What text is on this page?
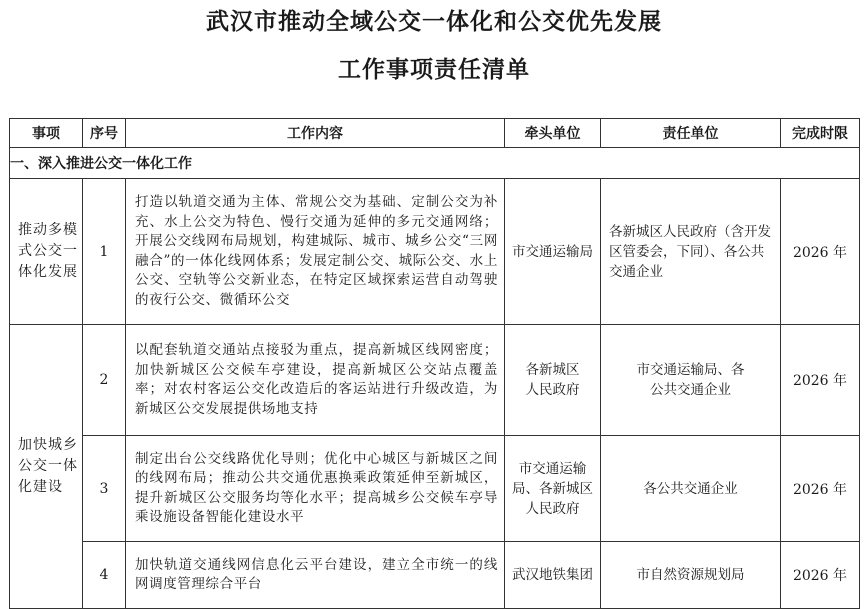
武汉市推动全域公交一体化和公交优先发展
工作事项责任清单
事项	序号	工作内容	牵头单位	责任单位	完成时限
一、深入推进公交一体化工作					
推动多模式公交一体化发展	1	打造以轨道交通为主体、常规公交为基础、定制公交为补充、水上公交为特色、慢行交通为延伸的多元交通网络；开展公交线网布局规划，构建城际、城市、城乡公交“三网融合”的一体化线网体系；发展定制公交、城际公交、水上公交、空轨等公交新业态，在特定区域探索运营自动驾驶的夜行公交、微循环公交	市交通运输局	各新城区人民政府（含开发区管委会，下同）、各公共交通企业	2026 年
加快城乡公交一体化建设	2	以配套轨道交通站点接驳为重点，提高新城区线网密度；加快新城区公交候车亭建设，提高新城区公交站点覆盖率；对农村客运公交化改造后的客运站进行升级改造，为新城区公交发展提供场地支持	各新城区人民政府	市交通运输局、各公共交通企业	2026 年
	3	制定出台公交线路优化导则；优化中心城区与新城区之间的线网布局；推动公共交通优惠换乘政策延伸至新城区，提升新城区公交服务均等化水平；提高城乡公交候车亭导乘设施设备智能化建设水平	市交通运输局、各新城区人民政府	各公共交通企业	2026 年
	4	加快轨道交通线网信息化云平台建设，建立全市统一的线网调度管理综合平台	武汉地铁集团	市自然资源规划局	2026 年
